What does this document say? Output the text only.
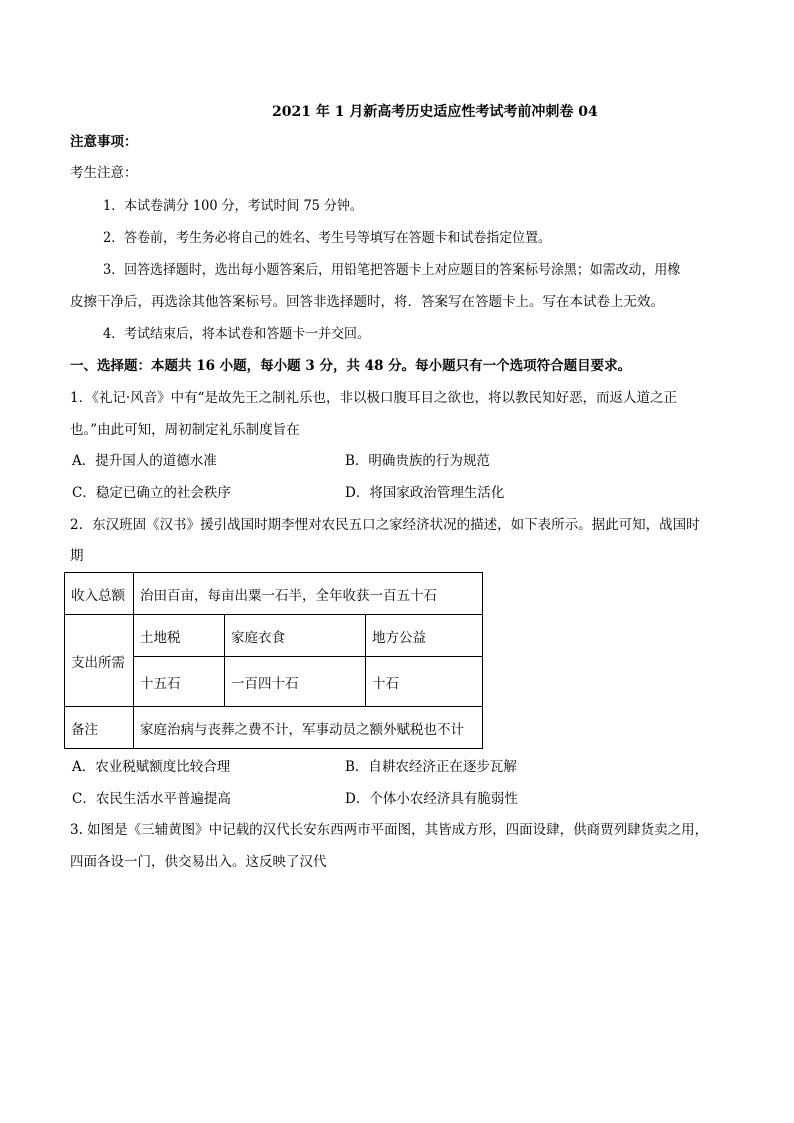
2021 年 1 月新高考历史适应性考试考前冲刺卷 04
注意事项：
考生注意：
1．本试卷满分 100 分，考试时间 75 分钟。
2．答卷前，考生务必将自己的姓名、考生号等填写在答题卡和试卷指定位置。
3．回答选择题时，选出每小题答案后，用铅笔把答题卡上对应题目的答案标号涂黑；如需改动，用橡
皮擦干净后，再选涂其他答案标号。回答非选择题时，将．答案写在答题卡上。写在本试卷上无效。
4．考试结束后，将本试卷和答题卡一并交回。
一、选择题：本题共 16 小题，每小题 3 分，共 48 分。每小题只有一个选项符合题目要求。
1．《礼记·风音》中有“是故先王之制礼乐也，非以极口腹耳目之欲也，将以教民知好恶，而返人道之正
也。”由此可知，周初制定礼乐制度旨在
A．提升国人的道德水准	B．明确贵族的行为规范
C．稳定已确立的社会秩序	D．将国家政治管理生活化
2．东汉班固《汉书》援引战国时期李悝对农民五口之家经济状况的描述，如下表所示。据此可知，战国时
期
收入总额	治田百亩，每亩出粟一石半，全年收获一百五十石		
支出所需	土地税	家庭衣食	地方公益
	十五石	一百四十石	十石
备注	家庭治病与丧葬之费不计，军事动员之额外赋税也不计		
A．农业税赋额度比较合理	B．自耕农经济正在逐步瓦解
C．农民生活水平普遍提高	D．个体小农经济具有脆弱性
3. 如图是《三辅黄图》中记载的汉代长安东西两市平面图，其皆成方形，四面设肆，供商贾列肆货卖之用，
四面各设一门，供交易出入。这反映了汉代
